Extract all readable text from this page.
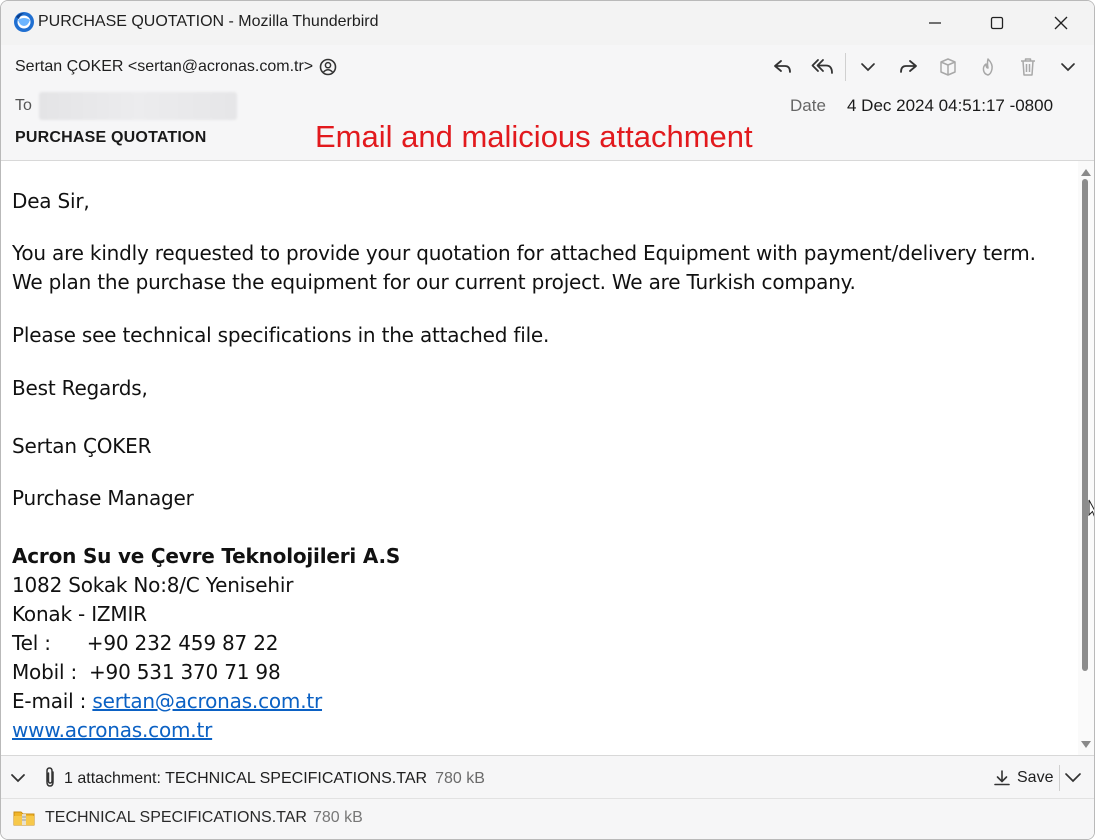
PURCHASE QUOTATION - Mozilla Thunderbird
Sertan ÇOKER <sertan@acronas.com.tr>
To	Date 4 Dec 2024 04:51:17 -0800
PURCHASE QUOTATION	Email and malicious attachment

Dea Sir,

You are kindly requested to provide your quotation for attached Equipment with payment/delivery term.

We plan the purchase the equipment for our current project. We are Turkish company.

Please see technical specifications in the attached file.

Best Regards,

Sertan ÇOKER

Purchase Manager

Acron Su ve Çevre Teknolojileri A.S

1082 Sokak No:8/C Yenisehir

Konak - IZMIR

Tel : +90 232 459 87 22

Mobil : +90 531 370 71 98

E-mail : sertan@acronas.com.tr

www.acronas.com.tr

1 attachment: TECHNICAL SPECIFICATIONS.TAR 780 kB	Save
TECHNICAL SPECIFICATIONS.TAR 780 kB
